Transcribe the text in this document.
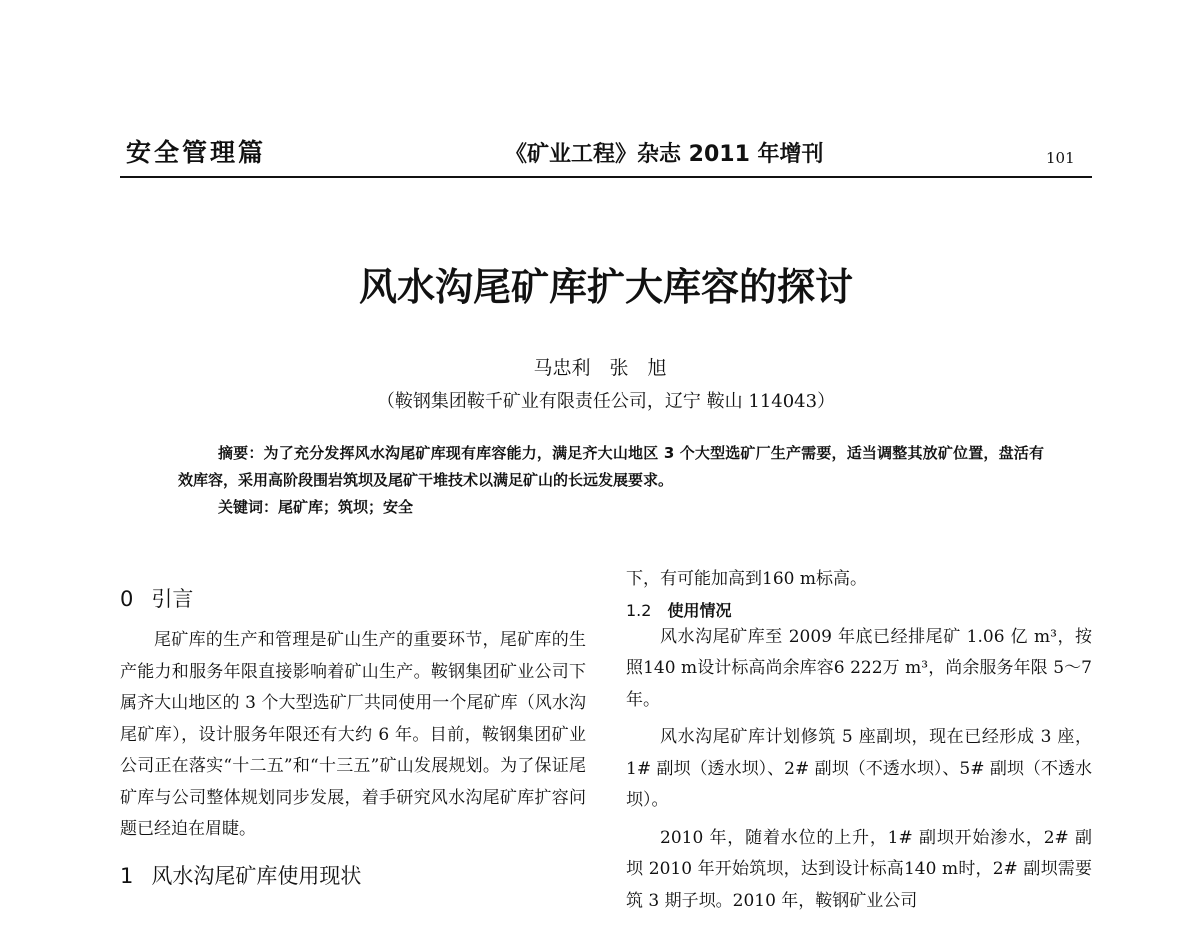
安全管理篇	《矿业工程》杂志 2011 年增刊	101
风水沟尾矿库扩大库容的探讨
马忠利　张　旭
（鞍钢集团鞍千矿业有限责任公司，辽宁 鞍山 114043）

摘要：为了充分发挥风水沟尾矿库现有库容能力，满足齐大山地区 3 个大型选矿厂生产需要，适当调整其放矿位置，盘活有效库容，采用高阶段围岩筑坝及尾矿干堆技术以满足矿山的长远发展要求。

关键词：尾矿库；筑坝；安全
0 引言

尾矿库的生产和管理是矿山生产的重要环节，尾矿库的生产能力和服务年限直接影响着矿山生产。鞍钢集团矿业公司下属齐大山地区的 3 个大型选矿厂共同使用一个尾矿库（风水沟尾矿库），设计服务年限还有大约 6 年。目前，鞍钢集团矿业公司正在落实“十二五”和“十三五”矿山发展规划。为了保证尾矿库与公司整体规划同步发展，着手研究风水沟尾矿库扩容问题已经迫在眉睫。

1 风水沟尾矿库使用现状

下，有可能加高到160 m标高。

1.2 使用情况

风水沟尾矿库至 2009 年底已经排尾矿 1.06 亿 m³，按照140 m设计标高尚余库容6 222万 m³，尚余服务年限 5～7 年。

风水沟尾矿库计划修筑 5 座副坝，现在已经形成 3 座，1# 副坝（透水坝）、2# 副坝（不透水坝）、5# 副坝（不透水坝）。

2010 年，随着水位的上升，1# 副坝开始渗水，2# 副坝 2010 年开始筑坝，达到设计标高140 m时，2# 副坝需要筑 3 期子坝。2010 年，鞍钢矿业公司
